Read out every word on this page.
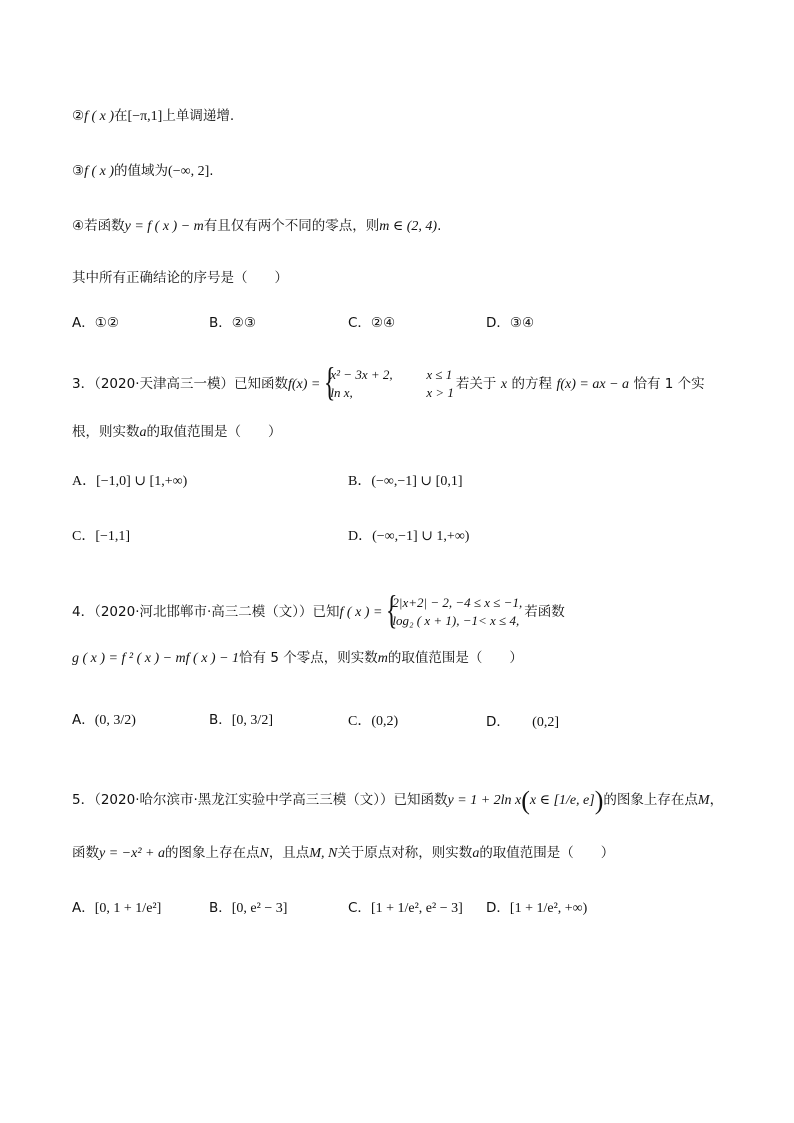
②f ( x )在[−π,1]上单调递增.
③f ( x )的值域为(−∞, 2].
④若函数y = f ( x ) − m有且仅有两个不同的零点，则m ∈ (2, 4).
其中所有正确结论的序号是（　　）
A．①②	B．②③	C．②④	D．③④
3．（2020·天津高三一模）已知函数f(x) =
{ x² − 3x + 2,	x ≤ 1
ln x,	x > 1
若关于 x 的方程 f(x) = ax − a 恰有 1 个实
根，则实数a的取值范围是（　　）
A．[−1,0] ∪ [1,+∞)	B．(−∞,−1] ∪ [0,1]
C．[−1,1]	D．(−∞,−1] ∪ 1,+∞)
4．（2020·河北邯郸市·高三二模（文））已知f ( x ) =
{ 2|x+2| − 2, −4 ≤ x ≤ −1,
log₂ ( x + 1), −1< x ≤ 4,
若函数
g ( x ) = f ² ( x ) − mf ( x ) − 1恰有 5 个零点，则实数m的取值范围是（　　）
A．(0, 3/2)	B．[0, 3/2]	C．(0,2)	D． (0,2]
5．（2020·哈尔滨市·黑龙江实验中学高三三模（文））已知函数y = 1 + 2ln x(x ∈ [1/e, e])的图象上存在点M，
函数y = −x² + a的图象上存在点N，且点M, N关于原点对称，则实数a的取值范围是（　　）
A．[0, 1 + 1/e²]	B．[0, e² − 3]	C．[1 + 1/e², e² − 3] D．[1 + 1/e², +∞)
